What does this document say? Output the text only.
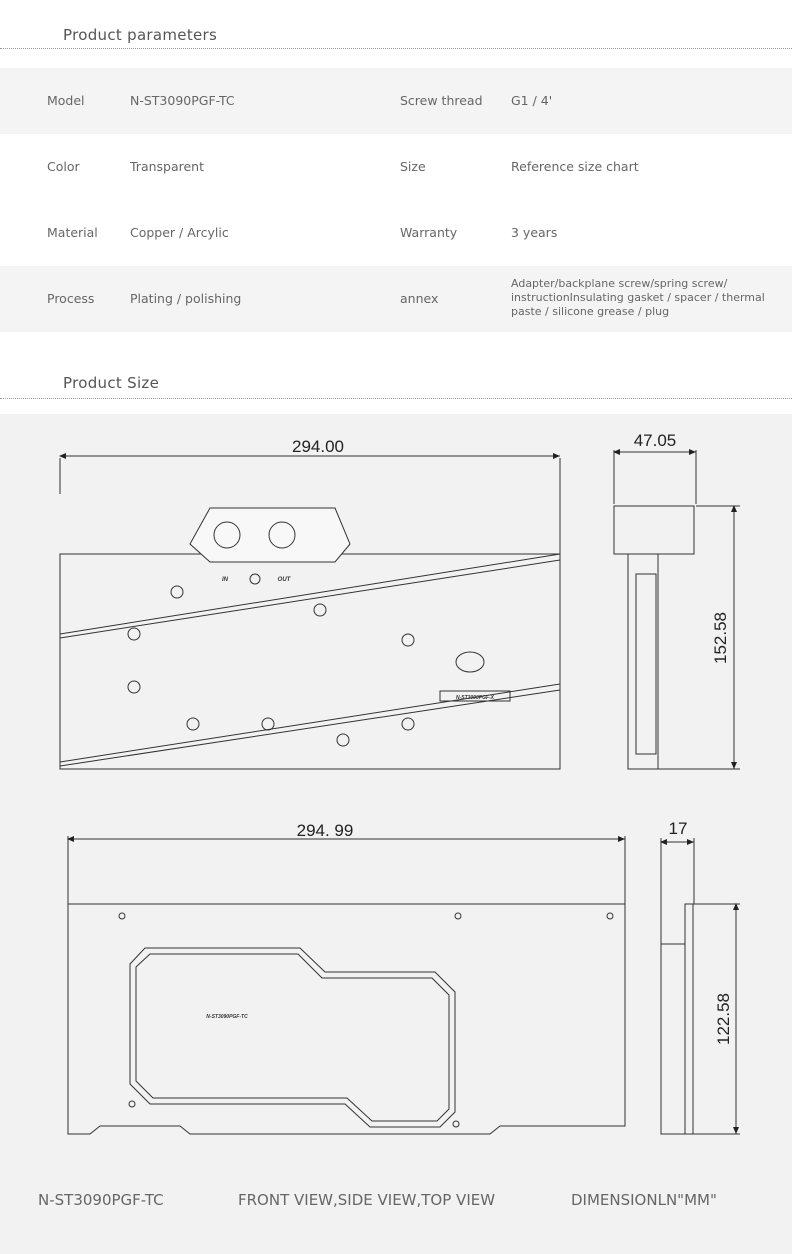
Product parameters
Model	N-ST3090PGF-TC	Screw thread G1 / 4'
Color	Transparent	Size	Reference size chart
Material	Copper / Arcylic	Warranty	3 years
Process	Plating / polishing	annex
Adapter/backplane screw/spring screw/ instructionInsulating gasket / spacer / thermal paste / silicone grease / plug
Product Size
294.00
IN	OUT
N-ST3090PGF-X
47.05
152.58
N-ST3090PGF-TC
294. 99	17
122.58
N-ST3090PGF-TC	FRONT VIEW,SIDE VIEW,TOP VIEW	DIMENSIONLN"MM"
